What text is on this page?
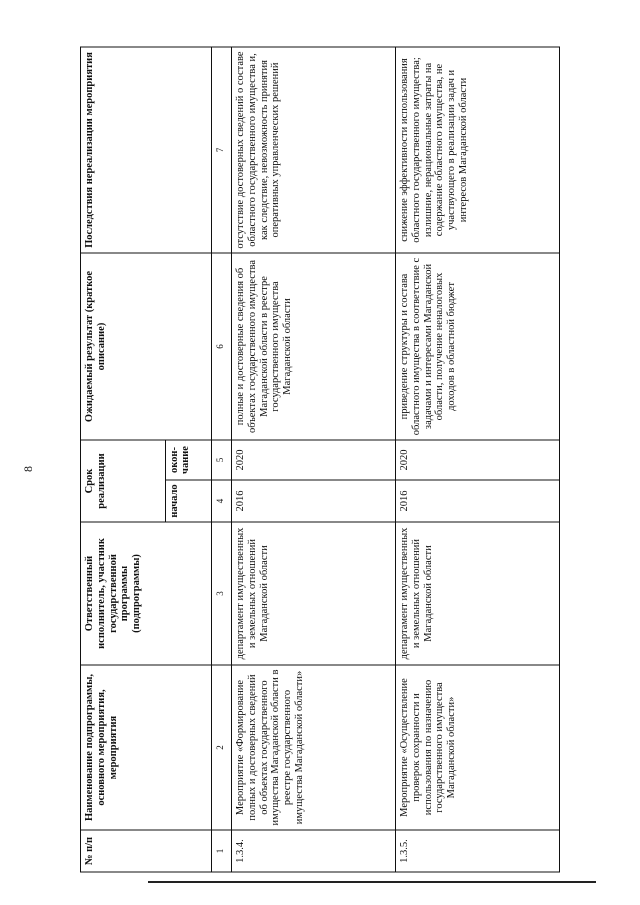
8
№ п/п	Наименование подпрограммы, основного мероприятия, мероприятия	Ответственный исполнитель, участник государственной программы (подпрограммы)	Срок реализации		Ожидаемый результат (краткое описание)	Последствия нереализации мероприятия
			начало	окон-чание		
1	2	3	4	5	6	7
1.3.4.	Мероприятие «Формирование полных и достоверных сведений об объектах государственного имущества Магаданской области в реестре государственного имущества Магаданской области»	департамент имущественных и земельных отношений Магаданской области	2016	2020	полные и достоверные сведения об объектах государственного имущества Магаданской области в реестре государственного имущества Магаданской области	отсутствие достоверных сведений о составе областного государственного имущества и, как следствие, невозможность принятия оперативных управленческих решений
1.3.5.	Мероприятие «Осуществление проверок сохранности и использования по назначению государственного имущества Магаданской области»	департамент имущественных и земельных отношений Магаданской области	2016	2020	приведение структуры и состава областного имущества в соответствие с задачами и интересами Магаданской области, получение неналоговых доходов в областной бюджет	снижение эффективности использования областного государственного имущества; излишние, нерациональные затраты на содержание областного имущества, не участвующего в реализации задач и интересов Магаданской области
